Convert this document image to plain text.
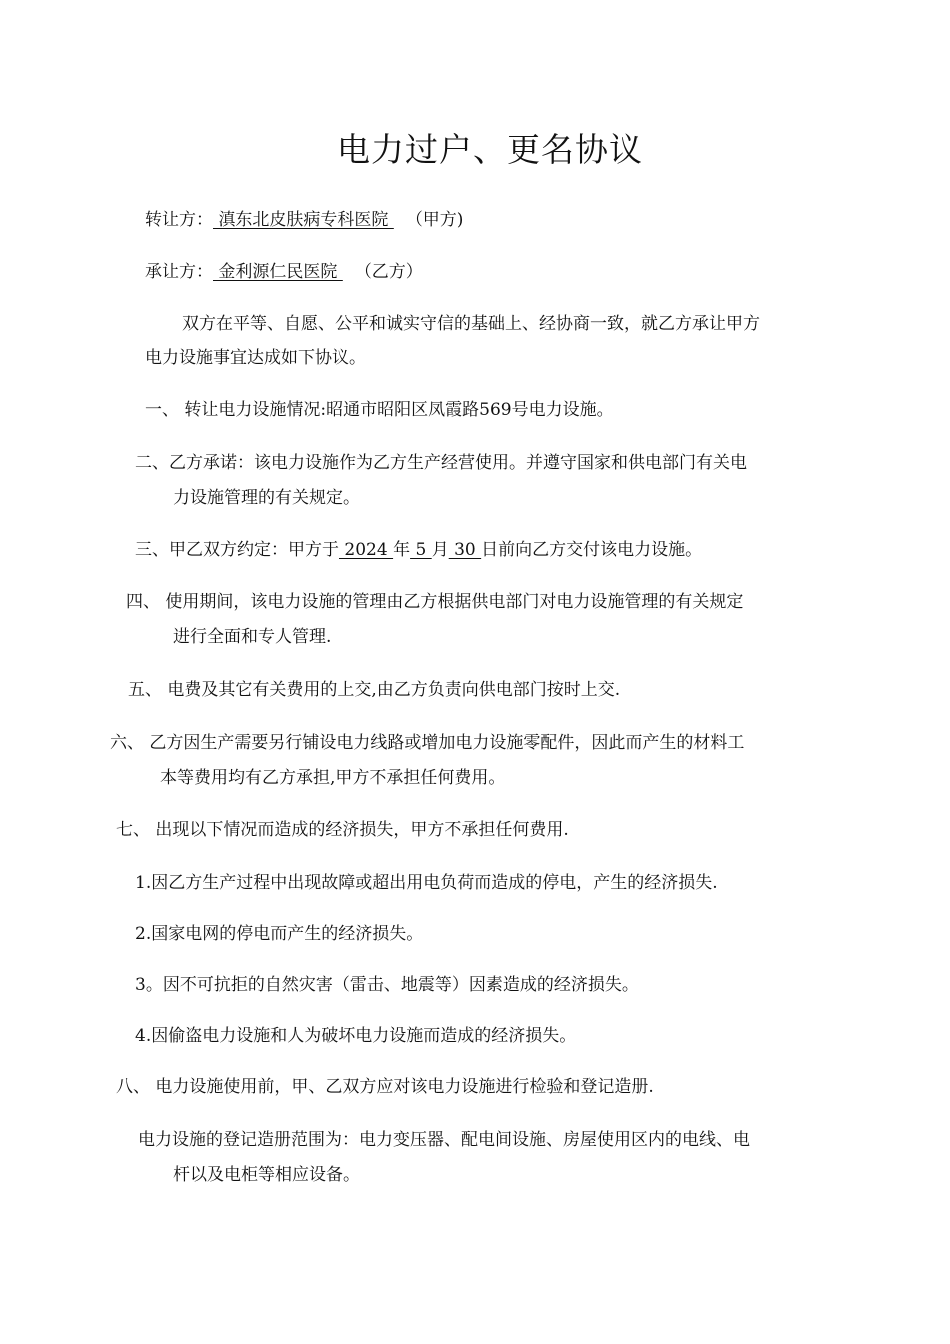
电力过户、更名协议
转让方： 滇东北皮肤病专科医院 （甲方)
承让方： 金利源仁民医院 （乙方）
双方在平等、自愿、公平和诚实守信的基础上、经协商一致，就乙方承让甲方
电力设施事宜达成如下协议。
一、 转让电力设施情况:昭通市昭阳区凤霞路569号电力设施。
二、乙方承诺：该电力设施作为乙方生产经营使用。并遵守国家和供电部门有关电
力设施管理的有关规定。
三、甲乙双方约定：甲方于 2024 年 5 月 30 日前向乙方交付该电力设施。
四、 使用期间，该电力设施的管理由乙方根据供电部门对电力设施管理的有关规定
进行全面和专人管理.
五、 电费及其它有关费用的上交,由乙方负责向供电部门按时上交.
六、 乙方因生产需要另行铺设电力线路或增加电力设施零配件，因此而产生的材料工
本等费用均有乙方承担,甲方不承担任何费用。
七、 出现以下情况而造成的经济损失，甲方不承担任何费用.
1.因乙方生产过程中出现故障或超出用电负荷而造成的停电，产生的经济损失.
2.国家电网的停电而产生的经济损失。
3。因不可抗拒的自然灾害（雷击、地震等）因素造成的经济损失。
4.因偷盗电力设施和人为破坏电力设施而造成的经济损失。
八、 电力设施使用前，甲、乙双方应对该电力设施进行检验和登记造册.
电力设施的登记造册范围为：电力变压器、配电间设施、房屋使用区内的电线、电
杆以及电柜等相应设备。
